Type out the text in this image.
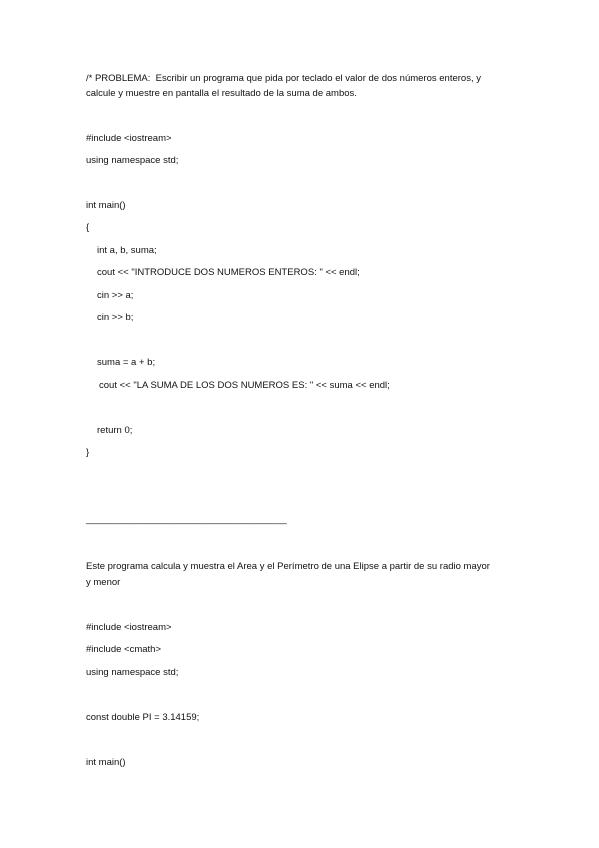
/* PROBLEMA:  Escribir un programa que pida por teclado el valor de dos números enteros, y
calcule y muestre en pantalla el resultado de la suma de ambos.
#include <iostream>
using namespace std;
int main()
{
int a, b, suma;
cout << "INTRODUCE DOS NUMEROS ENTEROS: " << endl;
cin >> a;
cin >> b;
suma = a + b;
cout << "LA SUMA DE LOS DOS NUMEROS ES: " << suma << endl;
return 0;
}
______________________________________
Este programa calcula y muestra el Area y el Perímetro de una Elipse a partir de su radio mayor
y menor
#include <iostream>
#include <cmath>
using namespace std;
const double PI = 3.14159;
int main()
